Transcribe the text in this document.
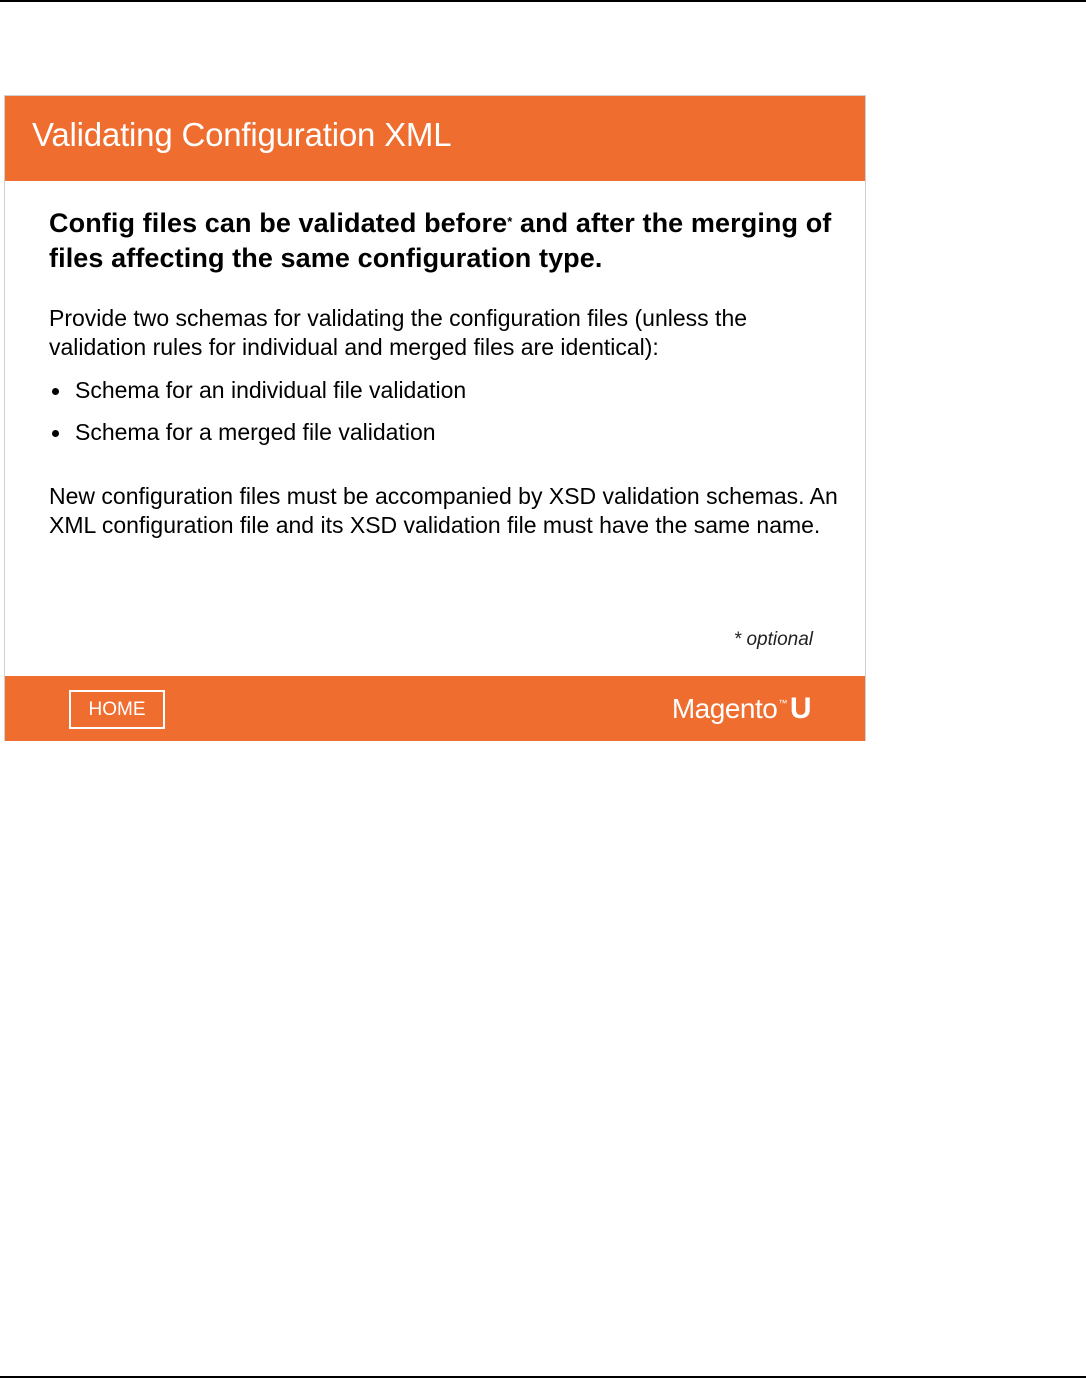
Validating Configuration XML

Config files can be validated before* and after the merging of files affecting the same configuration type.

Provide two schemas for validating the configuration files (unless the validation rules for individual and merged files are identical):

Schema for an individual file validation
Schema for a merged file validation

New configuration files must be accompanied by XSD validation schemas. An XML configuration file and its XSD validation file must have the same name.

* optional
HOME	Magento ™ U
